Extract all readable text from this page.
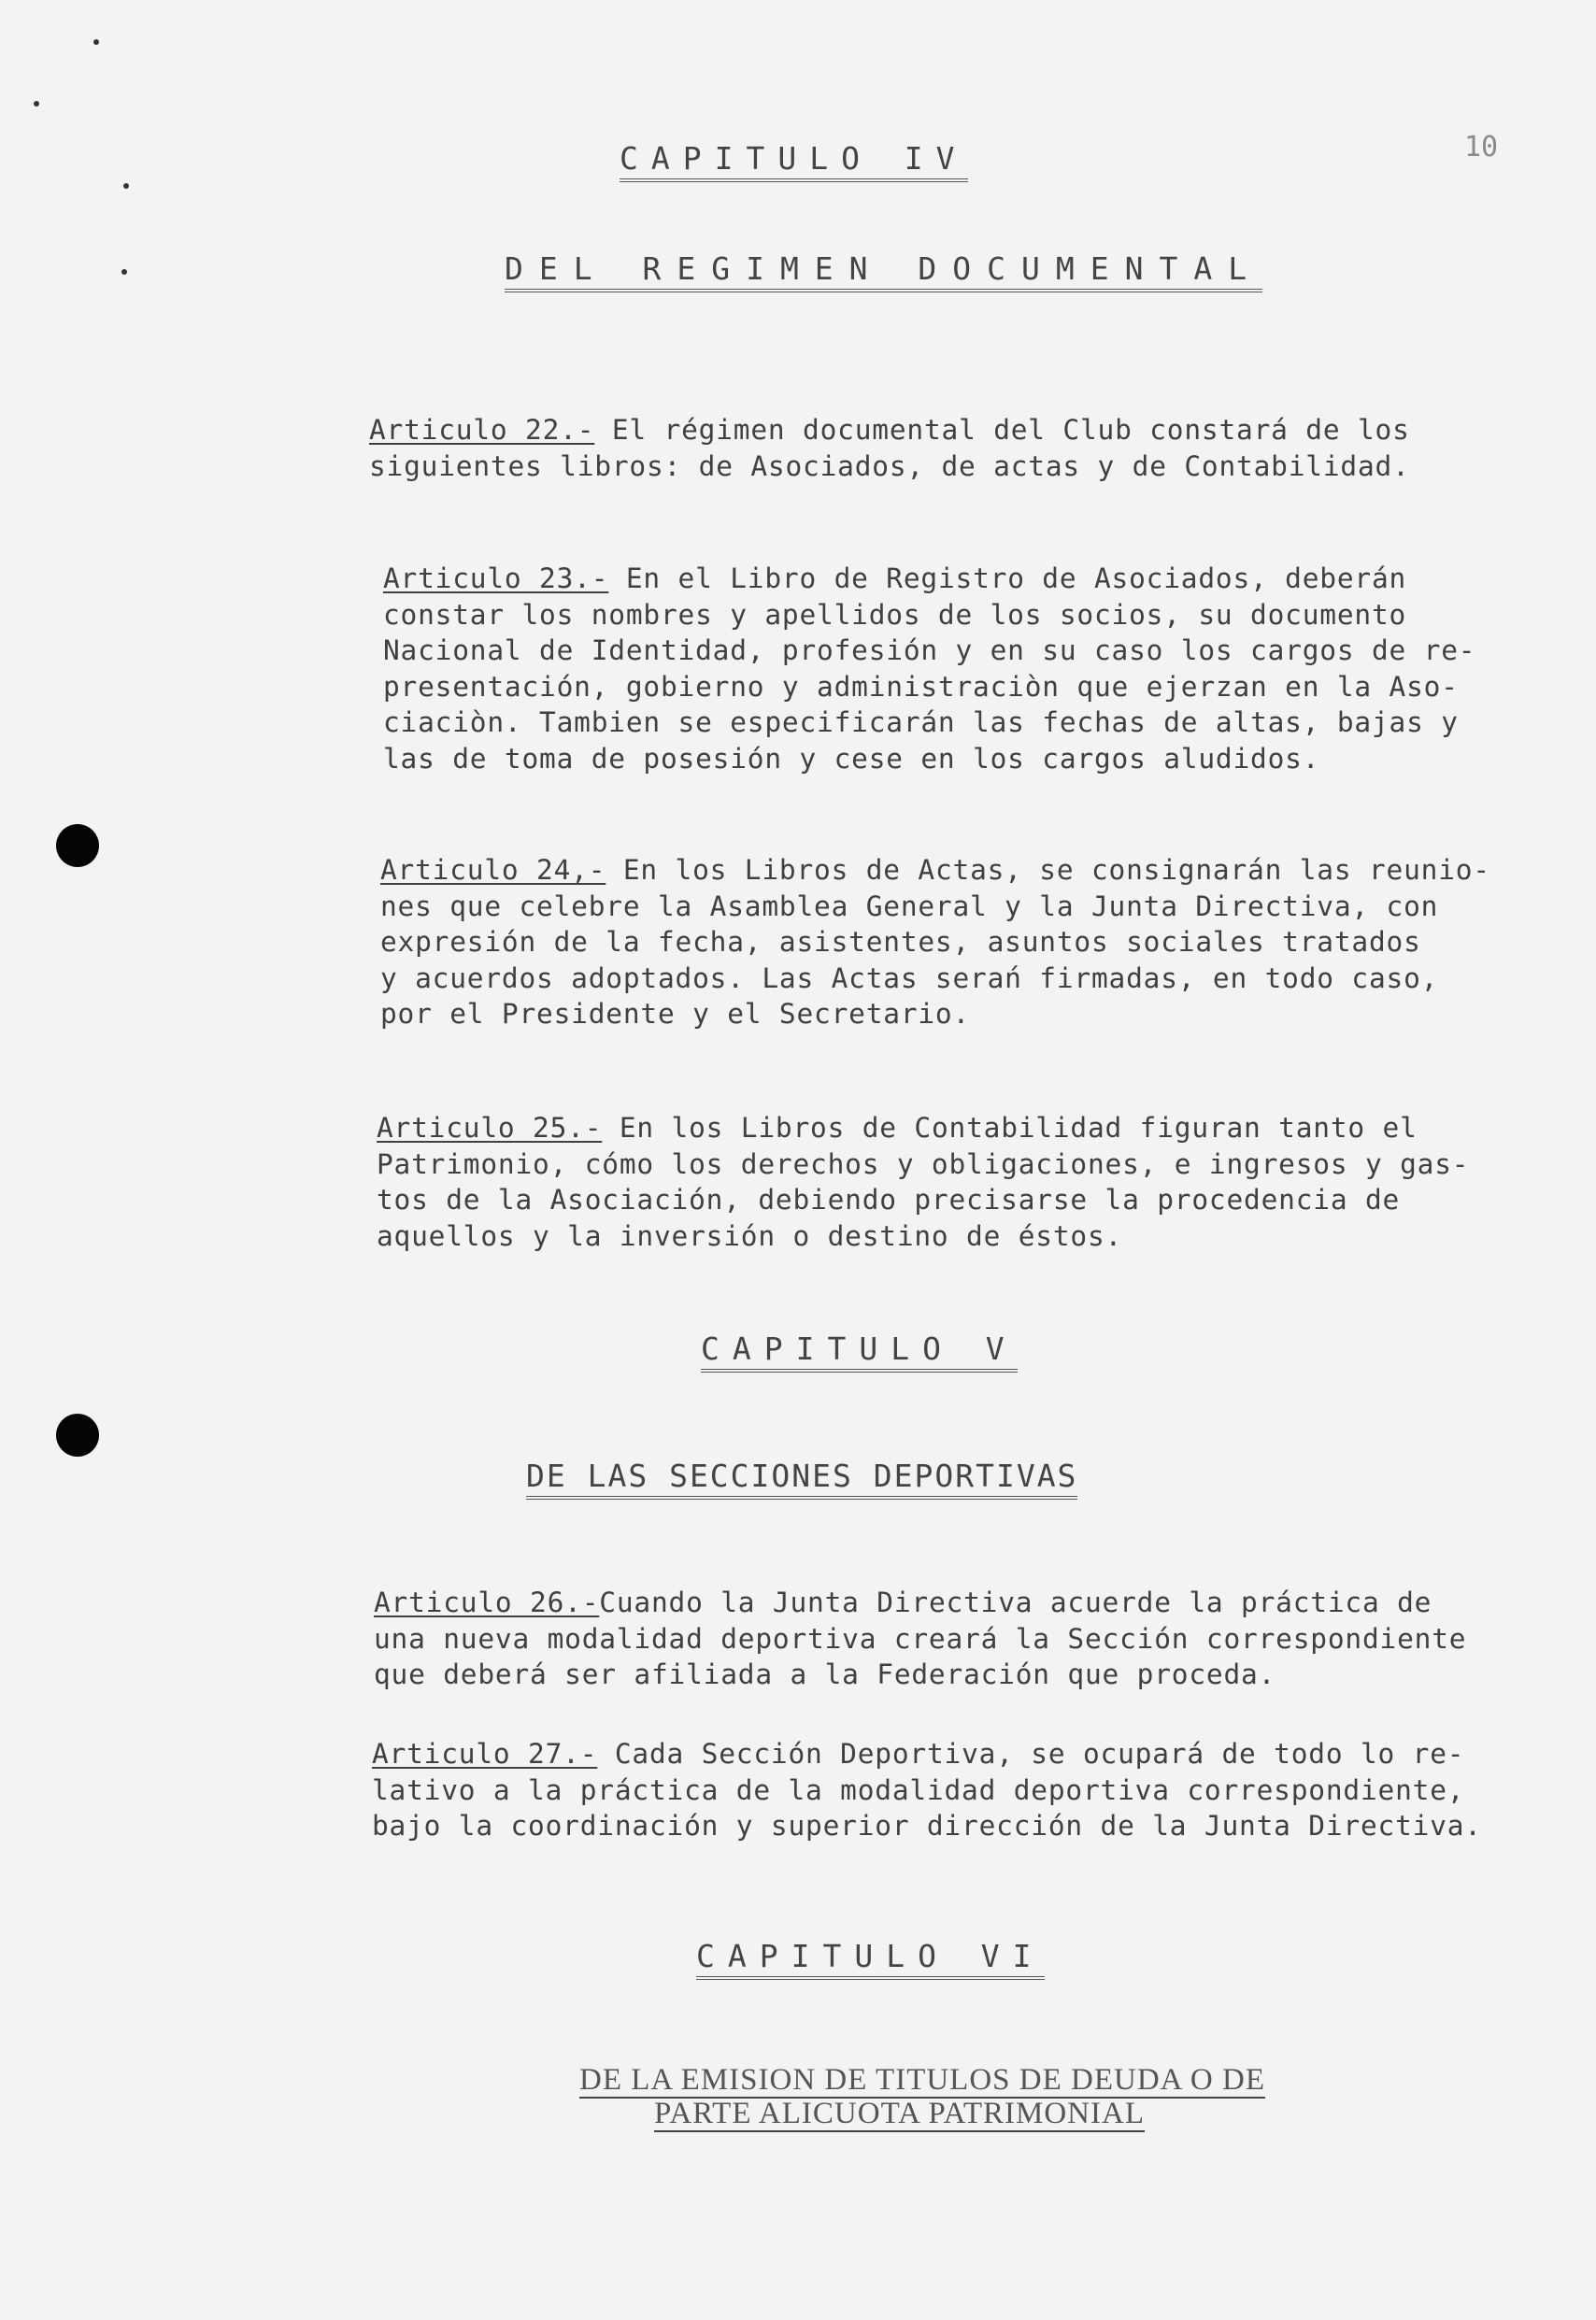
10
CAPITULO IV
DEL REGIMEN DOCUMENTAL
Articulo 22.- El régimen documental del Club constará de los
siguientes libros: de Asociados, de actas y de Contabilidad.
Articulo 23.- En el Libro de Registro de Asociados, deberán
constar los nombres y apellidos de los socios, su documento
Nacional de Identidad, profesión y en su caso los cargos de re-
presentación, gobierno y administraciòn que ejerzan en la Aso-
ciaciòn. Tambien se especificarán las fechas de altas, bajas y
las de toma de posesión y cese en los cargos aludidos.
Articulo 24,- En los Libros de Actas, se consignarán las reunio-
nes que celebre la Asamblea General y la Junta Directiva, con
expresión de la fecha, asistentes, asuntos sociales tratados
y acuerdos adoptados. Las Actas serań firmadas, en todo caso,
por el Presidente y el Secretario.
Articulo 25.- En los Libros de Contabilidad figuran tanto el
Patrimonio, cómo los derechos y obligaciones, e ingresos y gas-
tos de la Asociación, debiendo precisarse la procedencia de
aquellos y la inversión o destino de éstos.
CAPITULO V
DE LAS SECCIONES DEPORTIVAS
Articulo 26.-Cuando la Junta Directiva acuerde la práctica de
una nueva modalidad deportiva creará la Sección correspondiente
que deberá ser afiliada a la Federación que proceda.
Articulo 27.- Cada Sección Deportiva, se ocupará de todo lo re-
lativo a la práctica de la modalidad deportiva correspondiente,
bajo la coordinación y superior dirección de la Junta Directiva.
CAPITULO VI
DE LA EMISION DE TITULOS DE DEUDA O DE
PARTE ALICUOTA PATRIMONIAL
